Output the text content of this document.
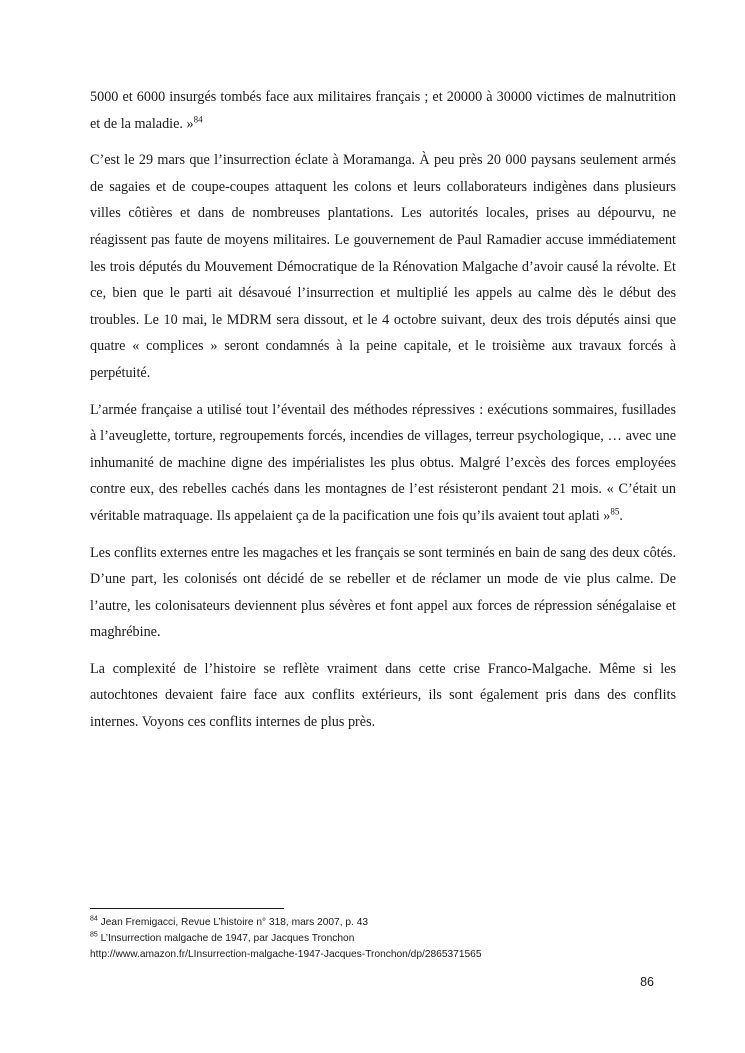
5000 et 6000 insurgés tombés face aux militaires français ; et 20000 à 30000 victimes de malnutrition et de la maladie. »$^{84}$

C’est le 29 mars que l’insurrection éclate à Moramanga. À peu près 20 000 paysans seulement armés de sagaies et de coupe-coupes attaquent les colons et leurs collaborateurs indigènes dans plusieurs villes côtières et dans de nombreuses plantations. Les autorités locales, prises au dépourvu, ne réagissent pas faute de moyens militaires. Le gouvernement de Paul Ramadier accuse immédiatement les trois députés du Mouvement Démocratique de la Rénovation Malgache d’avoir causé la révolte. Et ce, bien que le parti ait désavoué l’insurrection et multiplié les appels au calme dès le début des troubles. Le 10 mai, le MDRM sera dissout, et le 4 octobre suivant, deux des trois députés ainsi que quatre « complices » seront condamnés à la peine capitale, et le troisième aux travaux forcés à perpétuité.

L’armée française a utilisé tout l’éventail des méthodes répressives : exécutions sommaires, fusillades à l’aveuglette, torture, regroupements forcés, incendies de villages, terreur psychologique, … avec une inhumanité de machine digne des impérialistes les plus obtus. Malgré l’excès des forces employées contre eux, des rebelles cachés dans les montagnes de l’est résisteront pendant 21 mois. « C’était un véritable matraquage. Ils appelaient ça de la pacification une fois qu’ils avaient tout aplati »$^{85}$.

Les conflits externes entre les magaches et les français se sont terminés en bain de sang des deux côtés. D’une part, les colonisés ont décidé de se rebeller et de réclamer un mode de vie plus calme. De l’autre, les colonisateurs deviennent plus sévères et font appel aux forces de répression sénégalaise et maghrébine.

La complexité de l’histoire se reflète vraiment dans cette crise Franco-Malgache. Même si les autochtones devaient faire face aux conflits extérieurs, ils sont également pris dans des conflits internes. Voyons ces conflits internes de plus près.

$^{84}$ Jean Fremigacci, Revue L’histoire n° 318, mars 2007, p. 43

$^{85}$ L’Insurrection malgache de 1947, par Jacques Tronchon

http://www.amazon.fr/LInsurrection-malgache-1947-Jacques-Tronchon/dp/2865371565

86
